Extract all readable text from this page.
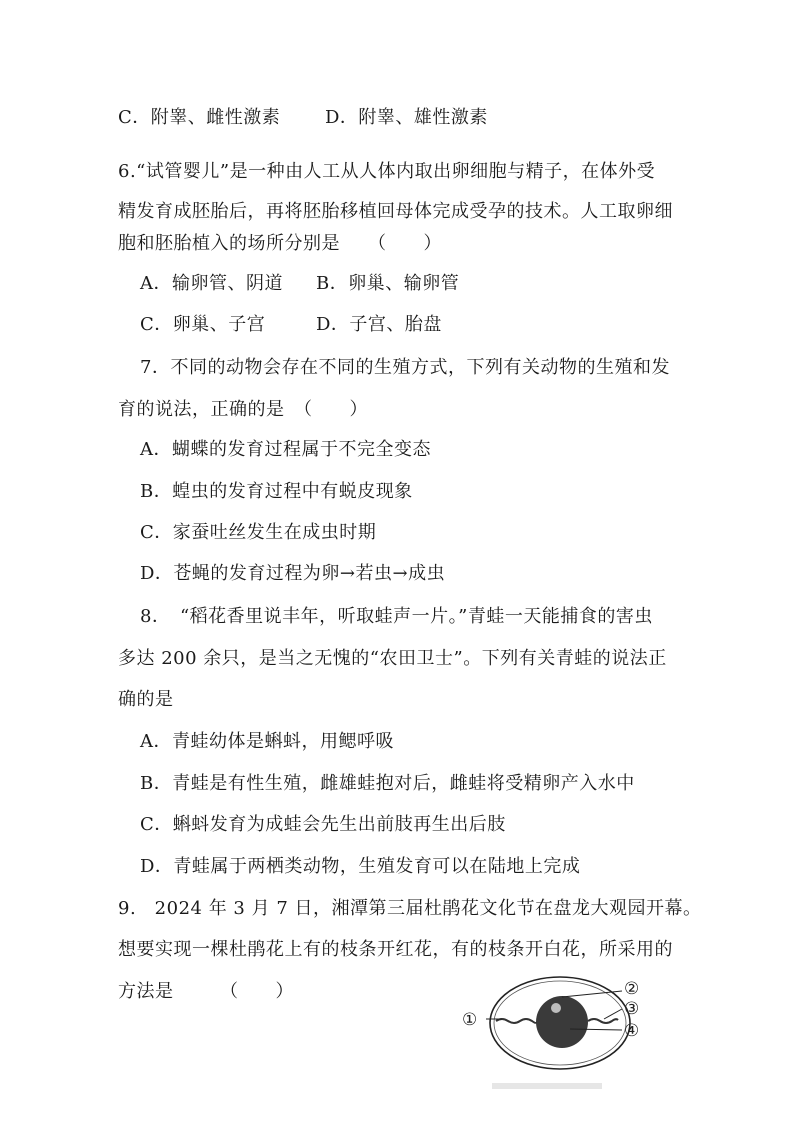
C．附睾、雌性激素 D．附睾、雄性激素
6.“试管婴儿”是一种由人工从人体内取出卵细胞与精子，在体外受
精发育成胚胎后，再将胚胎移植回母体完成受孕的技术。人工取卵细
胞和胚胎植入的场所分别是　　（　　）
A．输卵管、阴道 B．卵巢、输卵管
C．卵巢、子宫	D．子宫、胎盘
7．不同的动物会存在不同的生殖方式，下列有关动物的生殖和发
育的说法，正确的是　（　　）
A．蝴蝶的发育过程属于不完全变态
B．蝗虫的发育过程中有蜕皮现象
C．家蚕吐丝发生在成虫时期
D．苍蝇的发育过程为卵→若虫→成虫
8．　“稻花香里说丰年，听取蛙声一片。”青蛙一天能捕食的害虫
多达 200 余只，是当之无愧的“农田卫士”。下列有关青蛙的说法正
确的是
A．青蛙幼体是蝌蚪，用鳃呼吸
B．青蛙是有性生殖，雌雄蛙抱对后，雌蛙将受精卵产入水中
C．蝌蚪发育为成蛙会先生出前肢再生出后肢
D．青蛙属于两栖类动物，生殖发育可以在陆地上完成
9.　2024 年 3 月 7 日，湘潭第三届杜鹃花文化节在盘龙大观园开幕。
想要实现一棵杜鹃花上有的枝条开红花，有的枝条开白花，所采用的
方法是　　　（　　）
①
②
③
④
